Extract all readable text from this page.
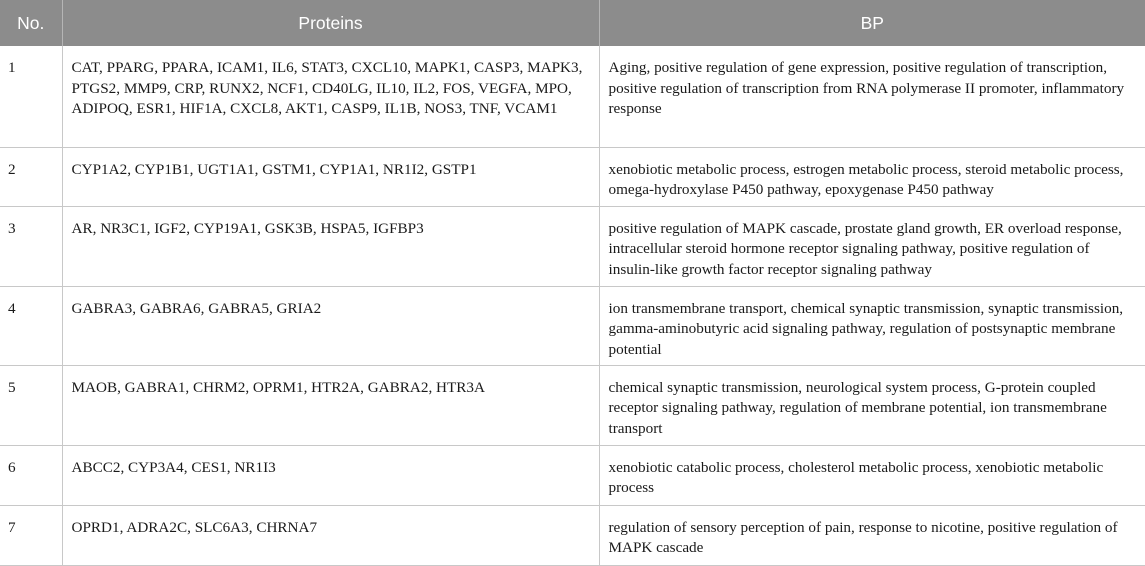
No.	Proteins	BP
1	CAT, PPARG, PPARA, ICAM1, IL6, STAT3, CXCL10, MAPK1, CASP3, MAPK3, PTGS2, MMP9, CRP, RUNX2, NCF1, CD40LG, IL10, IL2, FOS, VEGFA, MPO, ADIPOQ, ESR1, HIF1A, CXCL8, AKT1, CASP9, IL1B, NOS3, TNF, VCAM1	Aging, positive regulation of gene expression, positive regulation of transcription, positive regulation of transcription from RNA polymerase II promoter, inflammatory response
2	CYP1A2, CYP1B1, UGT1A1, GSTM1, CYP1A1, NR1I2, GSTP1	xenobiotic metabolic process, estrogen metabolic process, steroid metabolic process, omega-hydroxylase P450 pathway, epoxygenase P450 pathway
3	AR, NR3C1, IGF2, CYP19A1, GSK3B, HSPA5, IGFBP3	positive regulation of MAPK cascade, prostate gland growth, ER overload response, intracellular steroid hormone receptor signaling pathway, positive regulation of insulin-like growth factor receptor signaling pathway
4	GABRA3, GABRA6, GABRA5, GRIA2	ion transmembrane transport, chemical synaptic transmission, synaptic transmission, gamma-aminobutyric acid signaling pathway, regulation of postsynaptic membrane potential
5	MAOB, GABRA1, CHRM2, OPRM1, HTR2A, GABRA2, HTR3A	chemical synaptic transmission, neurological system process, G-protein coupled receptor signaling pathway, regulation of membrane potential, ion transmembrane transport
6	ABCC2, CYP3A4, CES1, NR1I3	xenobiotic catabolic process, cholesterol metabolic process, xenobiotic metabolic process
7	OPRD1, ADRA2C, SLC6A3, CHRNA7	regulation of sensory perception of pain, response to nicotine, positive regulation of MAPK cascade
